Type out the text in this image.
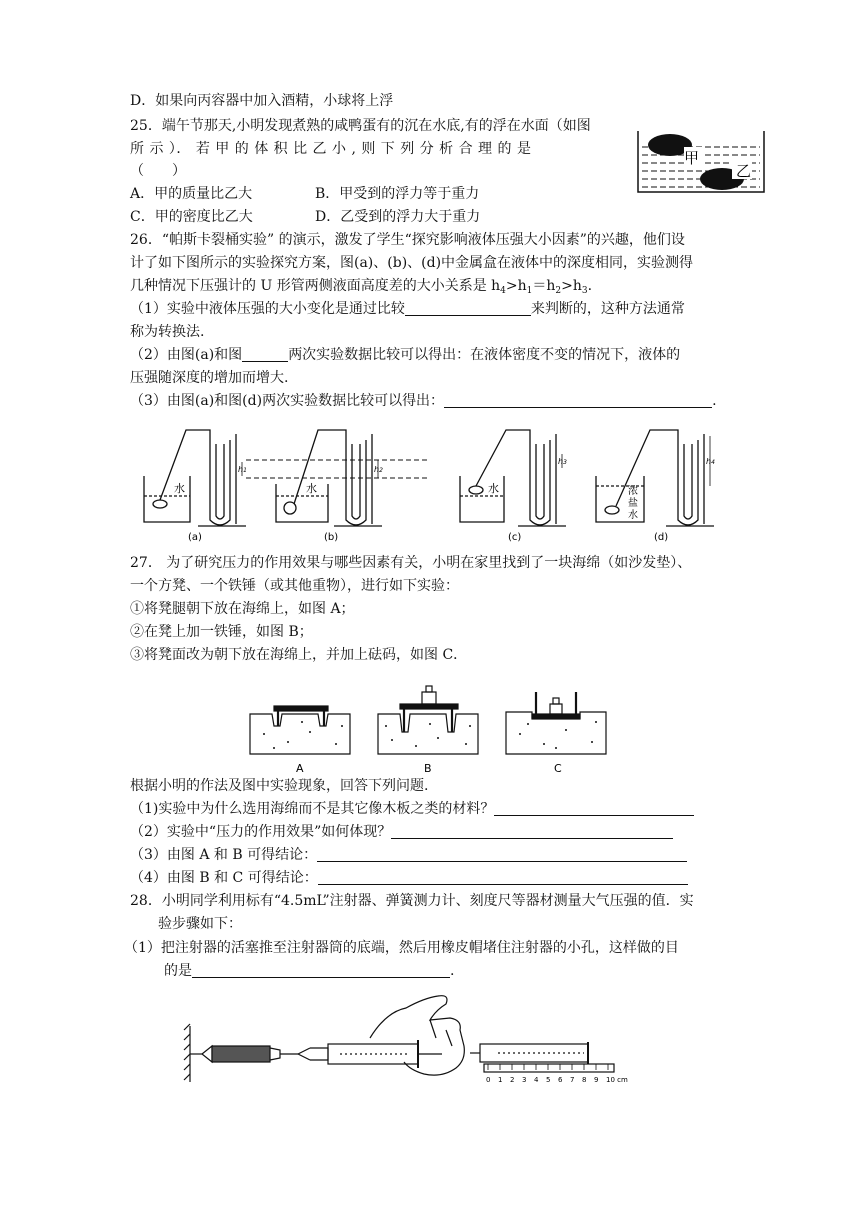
D．如果向丙容器中加入酒精，小球将上浮

25．端午节那天,小明发现煮熟的咸鸭蛋有的沉在水底,有的浮在水面（如图

所 示 ）． 若 甲 的 体 积 比 乙 小 , 则 下 列 分 析 合 理 的 是

（　　）

A．甲的质量比乙大	B．甲受到的浮力等于重力
C．甲的密度比乙大	D．乙受到的浮力大于重力

26．“帕斯卡裂桶实验” 的演示，激发了学生“探究影响液体压强大小因素”的兴趣，他们设

计了如下图所示的实验探究方案，图(a)、(b)、(d)中金属盒在液体中的深度相同，实验测得

几种情况下压强计的 U 形管两侧液面高度差的大小关系是 $h_4>h_1=h_2>h_3$.

（1）实验中液体压强的大小变化是通过比较	来判断的，这种方法通常

称为转换法.

（2）由图(a)和图	两次实验数据比较可以得出：在液体密度不变的情况下，液体的

压强随深度的增加而增大.

（3）由图(a)和图(d)两次实验数据比较可以得出：	.

27． 为了研究压力的作用效果与哪些因素有关，小明在家里找到了一块海绵（如沙发垫）、

一个方凳、一个铁锤（或其他重物），进行如下实验：

①将凳腿朝下放在海绵上，如图 A；

②在凳上加一铁锤，如图 B；

③将凳面改为朝下放在海绵上，并加上砝码，如图 C．

根据小明的作法及图中实验现象，回答下列问题.

（1)实验中为什么选用海绵而不是其它像木板之类的材料？

（2）实验中“压力的作用效果”如何体现？

（3）由图 A 和 B 可得结论：

（4）由图 B 和 C 可得结论：

28．小明同学利用标有“4.5mL”注射器、弹簧测力计、刻度尺等器材测量大气压强的值．实

验步骤如下：

（1）把注射器的活塞推至注射器筒的底端，然后用橡皮帽堵住注射器的小孔，这样做的目

的是	.

甲
乙
水	水	水	浓
盐
水
h1	h2
h3	h4
(a)	(b)	(c)	(d)
A	B	C
0 1 2 3 4 5 6 7 8 9 10 cm
